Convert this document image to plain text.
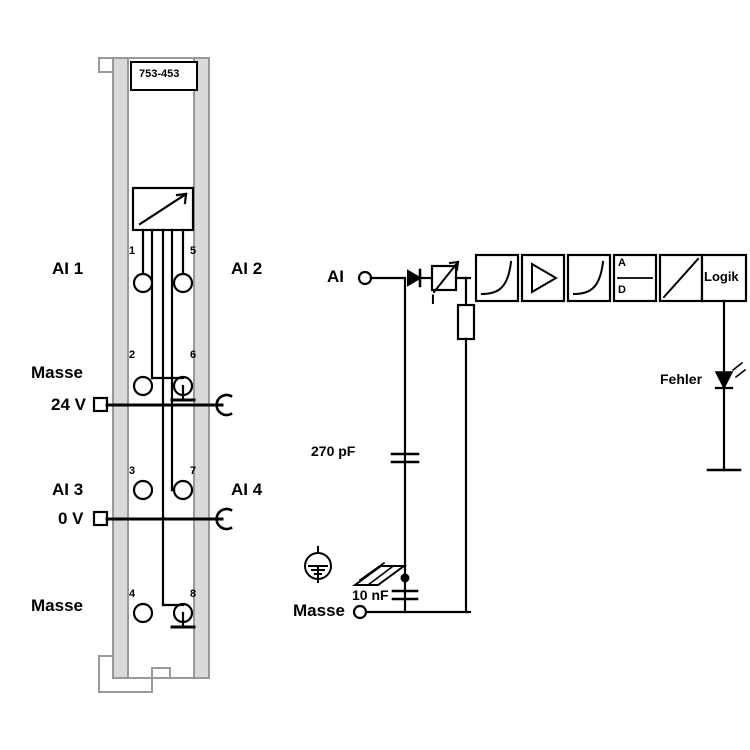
753-453
1	5
2	6
3	7
4	8
AI 1	AI 2
Masse
24 V
AI 3	AI 4
0 V
Masse
AI
Masse
270 pF
10 nF
I
A
D
Logik
Fehler
